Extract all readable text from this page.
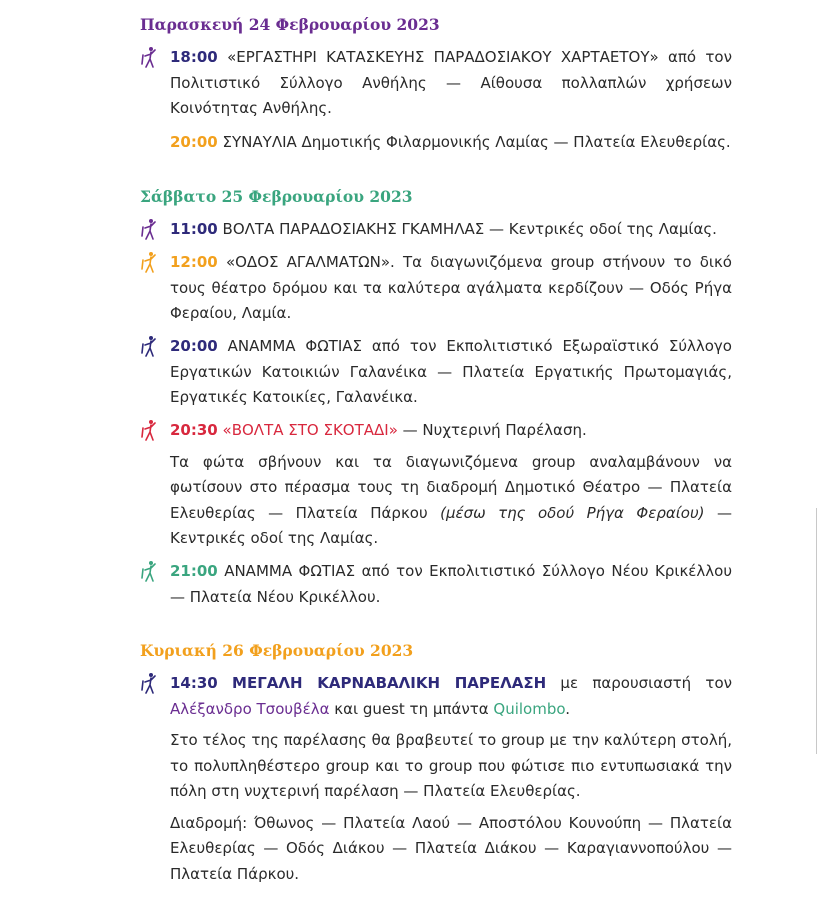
Παρασκευή 24 Φεβρουαρίου 2023
18:00 «ΕΡΓΑΣΤΗΡΙ ΚΑΤΑΣΚΕΥΗΣ ΠΑΡΑΔΟΣΙΑΚΟΥ ΧΑΡΤΑΕΤΟΥ» από τον Πολιτιστικό Σύλλογο Ανθήλης — Αίθουσα πολλαπλών χρήσεων Κοινότητας Ανθήλης.
20:00 ΣΥΝΑΥΛΙΑ Δημοτικής Φιλαρμονικής Λαμίας — Πλατεία Ελευθερίας.
Σάββατο 25 Φεβρουαρίου 2023
11:00 ΒΟΛΤΑ ΠΑΡΑΔΟΣΙΑΚΗΣ ΓΚΑΜΗΛΑΣ — Κεντρικές οδοί της Λαμίας.
12:00 «ΟΔΟΣ ΑΓΑΛΜΑΤΩΝ». Τα διαγωνιζόμενα group στήνουν το δικό τους θέατρο δρόμου και τα καλύτερα αγάλματα κερδίζουν — Οδός Ρήγα Φεραίου, Λαμία.
20:00 ΑΝΑΜΜΑ ΦΩΤΙΑΣ από τον Εκπολιτιστικό Εξωραϊστικό Σύλλογο Εργατικών Κατοικιών Γαλανέικα — Πλατεία Εργατικής Πρωτομαγιάς, Εργατικές Κατοικίες, Γαλανέικα.
20:30 «ΒΟΛΤΑ ΣΤΟ ΣΚΟΤΑΔΙ» — Νυχτερινή Παρέλαση.
Τα φώτα σβήνουν και τα διαγωνιζόμενα group αναλαμβάνουν να φωτίσουν στο πέρασμα τους τη διαδρομή Δημοτικό Θέατρο — Πλατεία Ελευθερίας — Πλατεία Πάρκου (μέσω της οδού Ρήγα Φεραίου) — Κεντρικές οδοί της Λαμίας.
21:00 ΑΝΑΜΜΑ ΦΩΤΙΑΣ από τον Εκπολιτιστικό Σύλλογο Νέου Κρικέλλου — Πλατεία Νέου Κρικέλλου.
Κυριακή 26 Φεβρουαρίου 2023
14:30 ΜΕΓΑΛΗ ΚΑΡΝΑΒΑΛΙΚΗ ΠΑΡΕΛΑΣΗ με παρουσιαστή τον Αλέξανδρο Τσουβέλα και guest τη μπάντα Quilombo.
Στο τέλος της παρέλασης θα βραβευτεί το group με την καλύτερη στολή, το πολυπληθέστερο group και το group που φώτισε πιο εντυπωσιακά την πόλη στη νυχτερινή παρέλαση — Πλατεία Ελευθερίας.
Διαδρομή: Όθωνος — Πλατεία Λαού — Αποστόλου Κουνούπη — Πλατεία Ελευθερίας — Οδός Διάκου — Πλατεία Διάκου — Καραγιαννοπούλου — Πλατεία Πάρκου.
